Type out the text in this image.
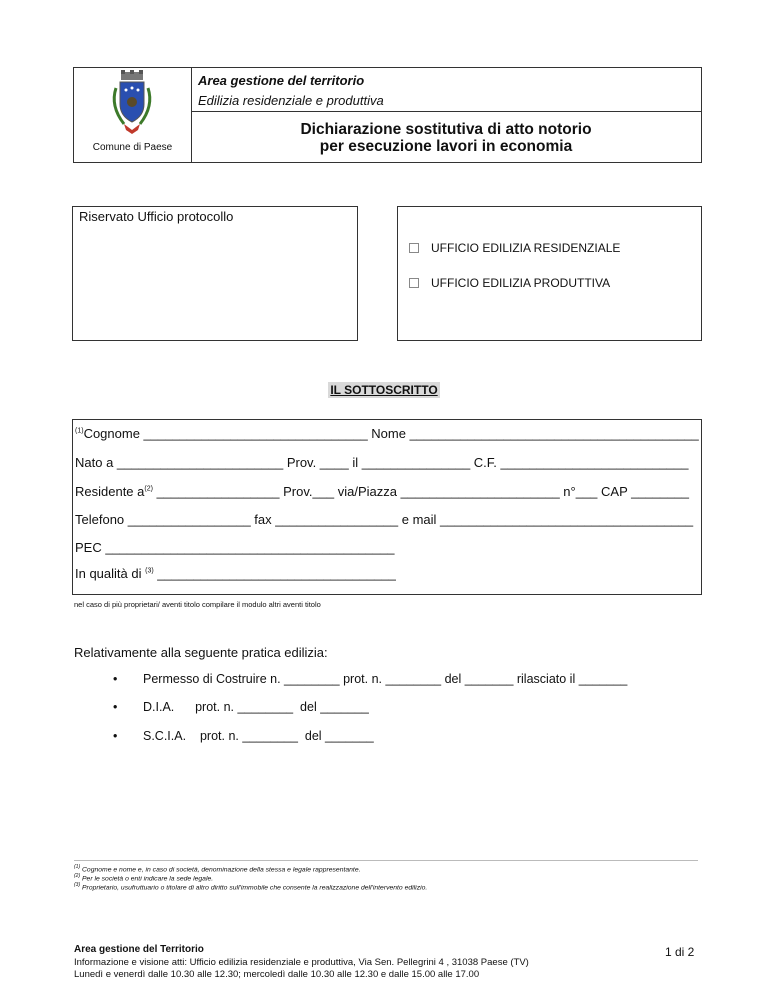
Comune di Paese
Area gestione del territorio
Edilizia residenziale e produttiva
Dichiarazione sostitutiva di atto notorio
per esecuzione lavori in economia
Riservato Ufficio protocollo
UFFICIO EDILIZIA RESIDENZIALE
UFFICIO EDILIZIA PRODUTTIVA
IL SOTTOSCRITTO
$^{(1)}$Cognome _______________________________ Nome ________________________________________
Nato a _______________________ Prov. ____ il _______________ C.F. __________________________
Residente $a^{(2)}$ _________________ Prov.___ via/Piazza ______________________ n°___ CAP ________
Telefono _________________ fax _________________ e mail ___________________________________
PEC ________________________________________
In qualità di $^{(3)}$ _________________________________
nel caso di più proprietari/ aventi titolo compilare il modulo altri aventi titolo
Relativamente alla seguente pratica edilizia:
• Permesso di Costruire n. ________ prot. n. ________ del _______ rilasciato il _______
• D.I.A.      prot. n. ________  del _______
• S.C.I.A.    prot. n. ________  del _______
$^{(1)}$ Cognome e nome e, in caso di società, denominazione della stessa e legale rappresentante.
$^{(2)}$ Per le società o enti indicare la sede legale.
$^{(3)}$ Proprietario, usufruttuario o titolare di altro diritto sull'immobile che consente la realizzazione dell'intervento edilizio.
Area gestione del Territorio
Informazione e visione atti: Ufficio edilizia residenziale e produttiva, Via Sen. Pellegrini 4 , 31038 Paese (TV)
Lunedì e venerdì dalle 10.30 alle 12.30; mercoledì dalle 10.30 alle 12.30 e dalle 15.00 alle 17.00
1 di 2
